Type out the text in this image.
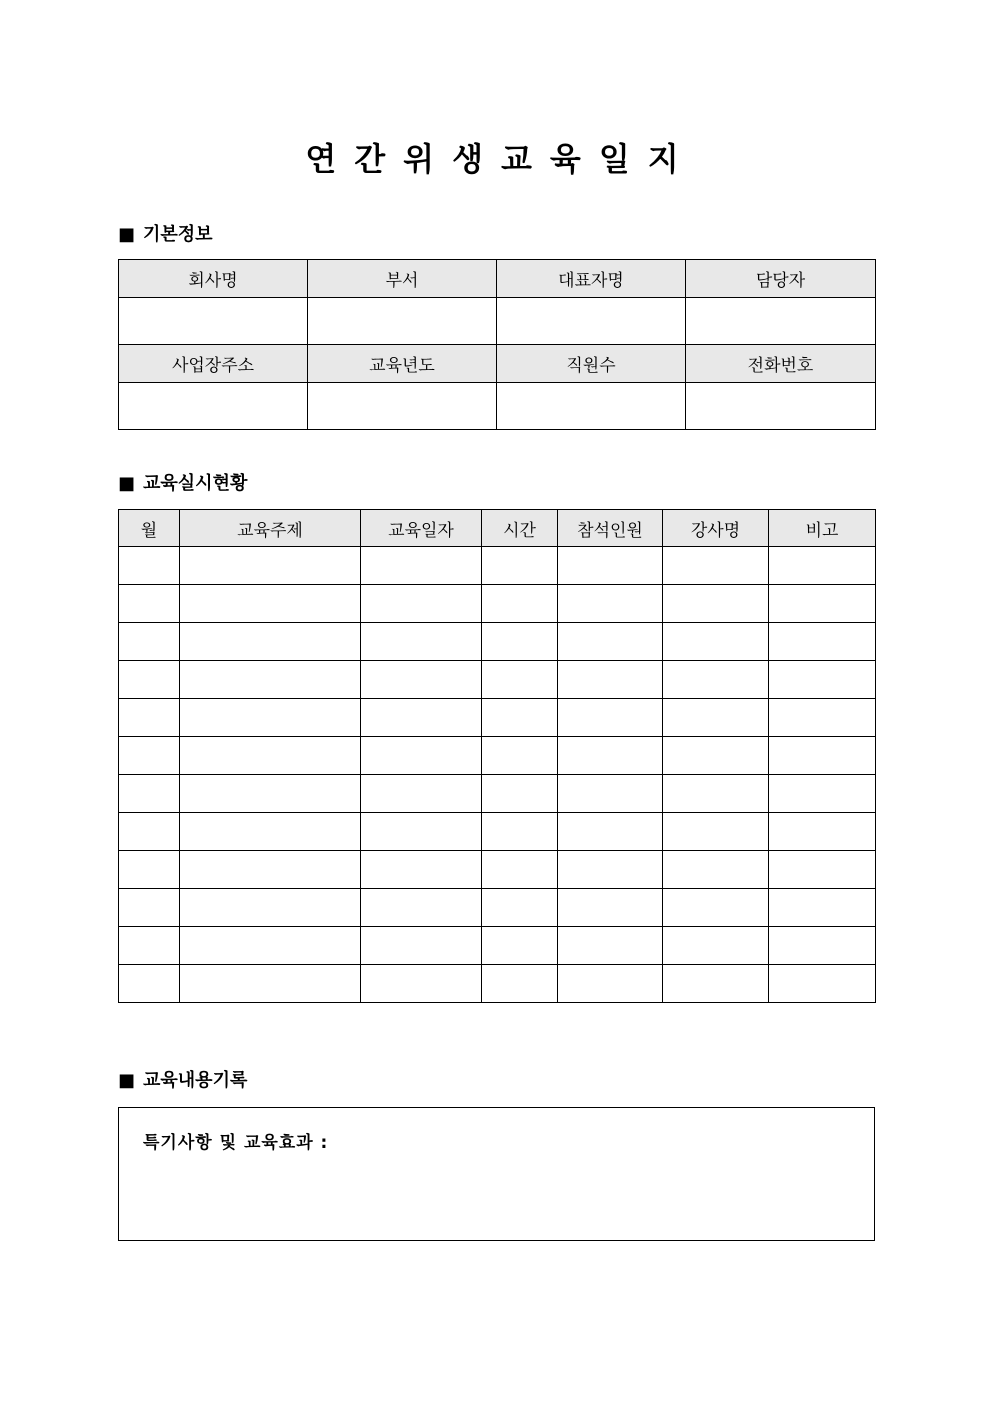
연간위생교육일지
■ 기본정보
회사명	부서	대표자명	담당자

사업장주소	교육년도	직원수	전화번호

■ 교육실시현황
월	교육주제	교육일자	시간	참석인원	강사명	비고

■ 교육내용기록
특기사항 및 교육효과 :
